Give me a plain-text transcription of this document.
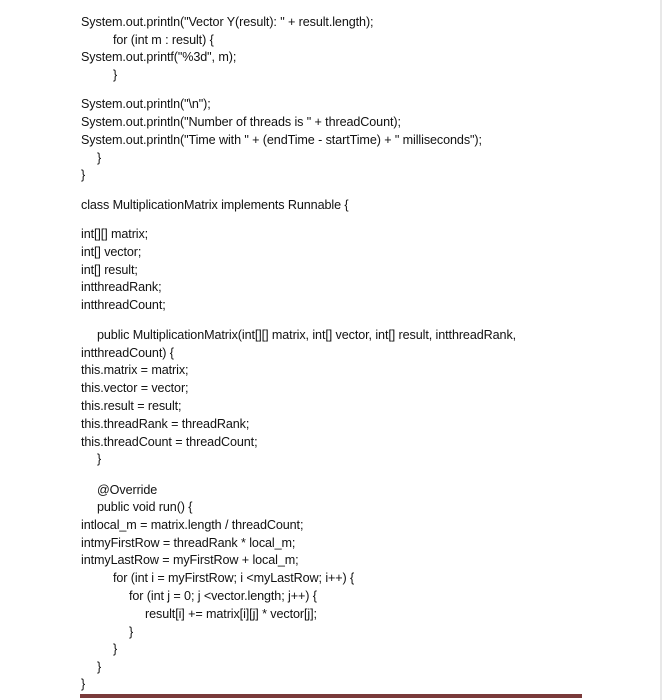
System.out.println("Vector Y(result): " + result.length);
for (int m : result) {
System.out.printf("%3d", m);
}
System.out.println("\n");
System.out.println("Number of threads is " + threadCount);
System.out.println("Time with " + (endTime - startTime) + " milliseconds");
}
}
class MultiplicationMatrix implements Runnable {
int[][] matrix;
int[] vector;
int[] result;
intthreadRank;
intthreadCount;
public MultiplicationMatrix(int[][] matrix, int[] vector, int[] result, intthreadRank,
intthreadCount) {
this.matrix = matrix;
this.vector = vector;
this.result = result;
this.threadRank = threadRank;
this.threadCount = threadCount;
}
@Override
public void run() {
intlocal_m = matrix.length / threadCount;
intmyFirstRow = threadRank * local_m;
intmyLastRow = myFirstRow + local_m;
for (int i = myFirstRow; i <myLastRow; i++) {
for (int j = 0; j <vector.length; j++) {
result[i] += matrix[i][j] * vector[j];
}
}
}
}
